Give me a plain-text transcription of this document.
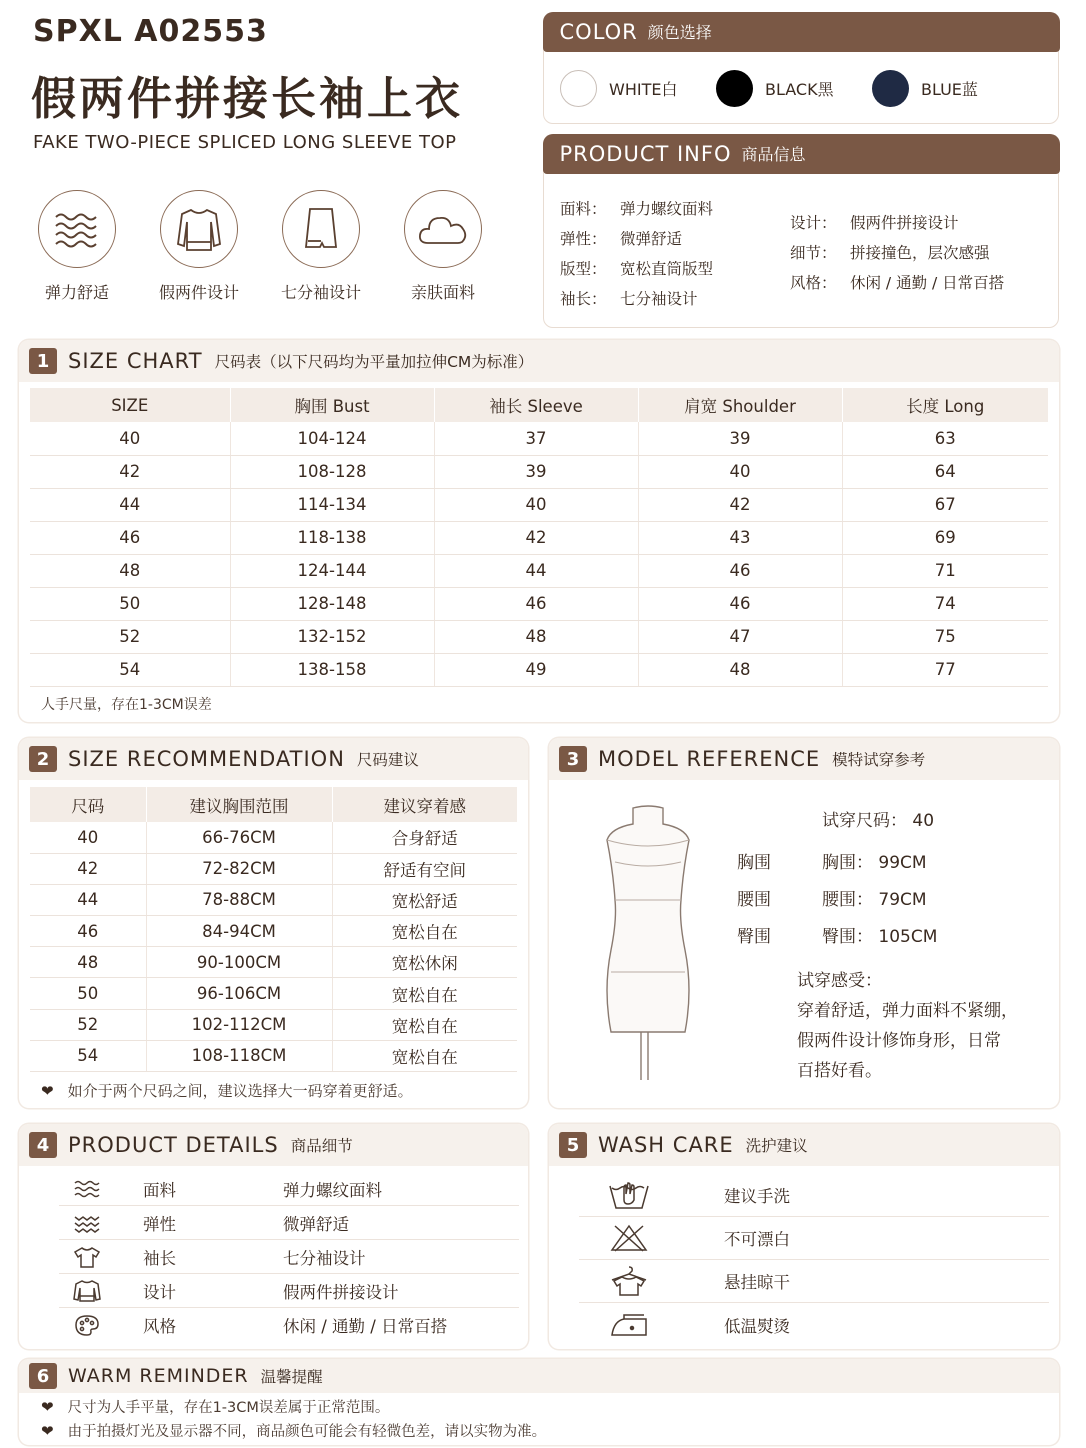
SPXL A02553
假两件拼接长袖上衣
FAKE TWO-PIECE SPLICED LONG SLEEVE TOP
弹力舒适	假两件设计	七分袖设计	亲肤面料
COLOR 颜色选择
WHITE白	BLACK黑	BLUE蓝
PRODUCT INFO 商品信息
面料： 弹力螺纹面料
弹性： 微弹舒适
版型： 宽松直筒版型
袖长： 七分袖设计
设计： 假两件拼接设计
细节： 拼接撞色，层次感强
风格： 休闲 / 通勤 / 日常百搭
1 SIZE CHART 尺码表（以下尺码均为平量加拉伸CM为标准）
SIZE	胸围 Bust	袖长 Sleeve	肩宽 Shoulder	长度 Long
40	104-124	37	39	63
42	108-128	39	40	64
44	114-134	40	42	67
46	118-138	42	43	69
48	124-144	44	46	71
50	128-148	46	46	74
52	132-152	48	47	75
54	138-158	49	48	77
人手尺量，存在1-3CM误差
2 SIZE RECOMMENDATION 尺码建议
尺码	建议胸围范围	建议穿着感
40	66-76CM	合身舒适
42	72-82CM	舒适有空间
44	78-88CM	宽松舒适
46	84-94CM	宽松自在
48	90-100CM	宽松休闲
50	96-106CM	宽松自在
52	102-112CM	宽松自在
54	108-118CM	宽松自在
❤ 如介于两个尺码之间，建议选择大一码穿着更舒适。
3 MODEL REFERENCE 模特试穿参考
试穿尺码： 40
胸围
腰围
臀围
胸围： 99CM
腰围： 79CM
臀围： 105CM
试穿感受：
穿着舒适，弹力面料不紧绷，
假两件设计修饰身形，日常
百搭好看。
4 PRODUCT DETAILS 商品细节
面料	弹力螺纹面料
弹性	微弹舒适
袖长	七分袖设计
设计	假两件拼接设计
风格	休闲 / 通勤 / 日常百搭
5 WASH CARE 洗护建议
建议手洗
不可漂白
悬挂晾干
低温熨烫
6 WARM REMINDER 温馨提醒
❤ 尺寸为人手平量，存在1-3CM误差属于正常范围。
❤ 由于拍摄灯光及显示器不同，商品颜色可能会有轻微色差，请以实物为准。
